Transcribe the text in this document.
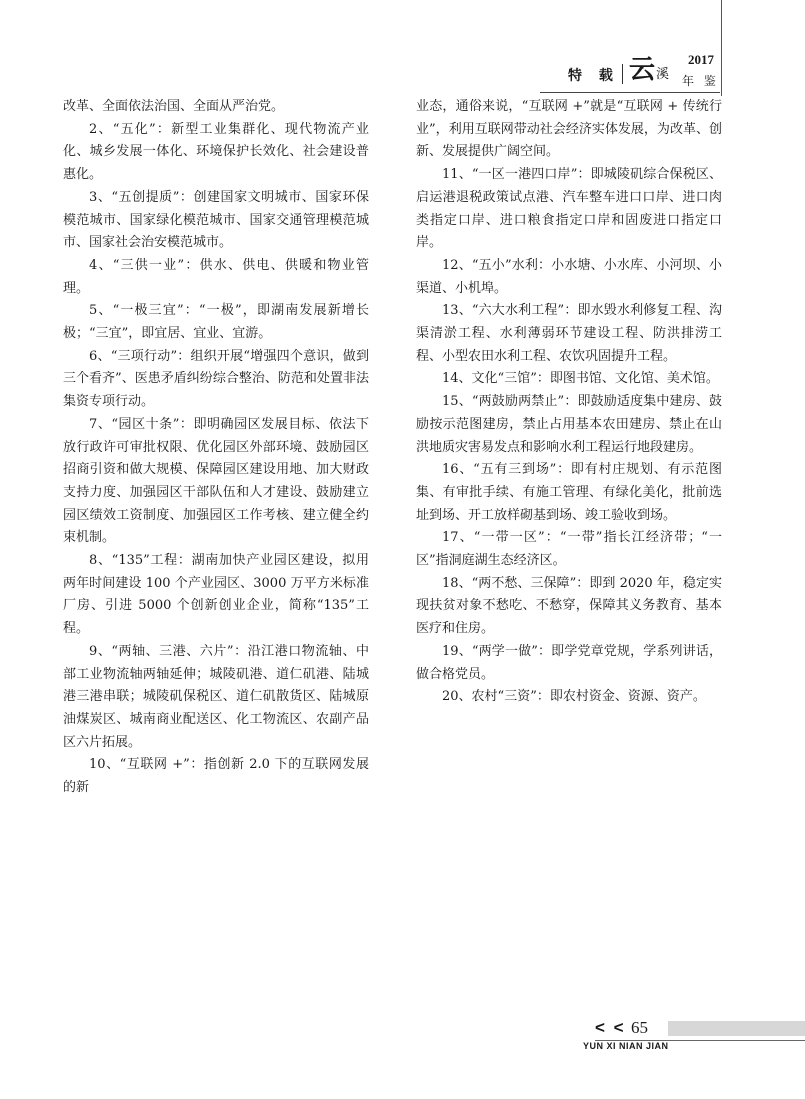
特 载 云 溪
2017
年 鉴

改革、全面依法治国、全面从严治党。

2、“五化”：新型工业集群化、现代物流产业化、城乡发展一体化、环境保护长效化、社会建设普惠化。

3、“五创提质”：创建国家文明城市、国家环保模范城市、国家绿化模范城市、国家交通管理模范城市、国家社会治安模范城市。

4、“三供一业”：供水、供电、供暖和物业管理。

5、“一极三宜”：“一极”，即湖南发展新增长极；“三宜”，即宜居、宜业、宜游。

6、“三项行动”：组织开展“增强四个意识，做到三个看齐”、医患矛盾纠纷综合整治、防范和处置非法集资专项行动。

7、“园区十条”：即明确园区发展目标、依法下放行政许可审批权限、优化园区外部环境、鼓励园区招商引资和做大规模、保障园区建设用地、加大财政支持力度、加强园区干部队伍和人才建设、鼓励建立园区绩效工资制度、加强园区工作考核、建立健全约束机制。

8、“135”工程：湖南加快产业园区建设，拟用两年时间建设 100 个产业园区、3000 万平方米标准厂房、引进 5000 个创新创业企业，简称“135”工程。

9、“两轴、三港、六片”：沿江港口物流轴、中部工业物流轴两轴延伸；城陵矶港、道仁矶港、陆城港三港串联；城陵矶保税区、道仁矶散货区、陆城原油煤炭区、城南商业配送区、化工物流区、农副产品区六片拓展。

10、“互联网 +”：指创新 2.0 下的互联网发展的新

业态，通俗来说，“互联网 +”就是“互联网 + 传统行业”，利用互联网带动社会经济实体发展，为改革、创新、发展提供广阔空间。

11、“一区一港四口岸”：即城陵矶综合保税区、启运港退税政策试点港、汽车整车进口口岸、进口肉类指定口岸、进口粮食指定口岸和固废进口指定口岸。

12、“五小”水利：小水塘、小水库、小河坝、小渠道、小机埠。

13、“六大水利工程”：即水毁水利修复工程、沟渠清淤工程、水利薄弱环节建设工程、防洪排涝工程、小型农田水利工程、农饮巩固提升工程。

14、文化“三馆”：即图书馆、文化馆、美术馆。

15、“两鼓励两禁止”：即鼓励适度集中建房、鼓励按示范图建房，禁止占用基本农田建房、禁止在山洪地质灾害易发点和影响水利工程运行地段建房。

16、“五有三到场”：即有村庄规划、有示范图集、有审批手续、有施工管理、有绿化美化，批前选址到场、开工放样砌基到场、竣工验收到场。

17、“一带一区”：“一带”指长江经济带；“一区”指洞庭湖生态经济区。

18、“两不愁、三保障”：即到 2020 年，稳定实现扶贫对象不愁吃、不愁穿，保障其义务教育、基本医疗和住房。

19、“两学一做”：即学党章党规，学系列讲话，做合格党员。

20、农村“三资”：即农村资金、资源、资产。

< < 65
YUN XI NIAN JIAN
